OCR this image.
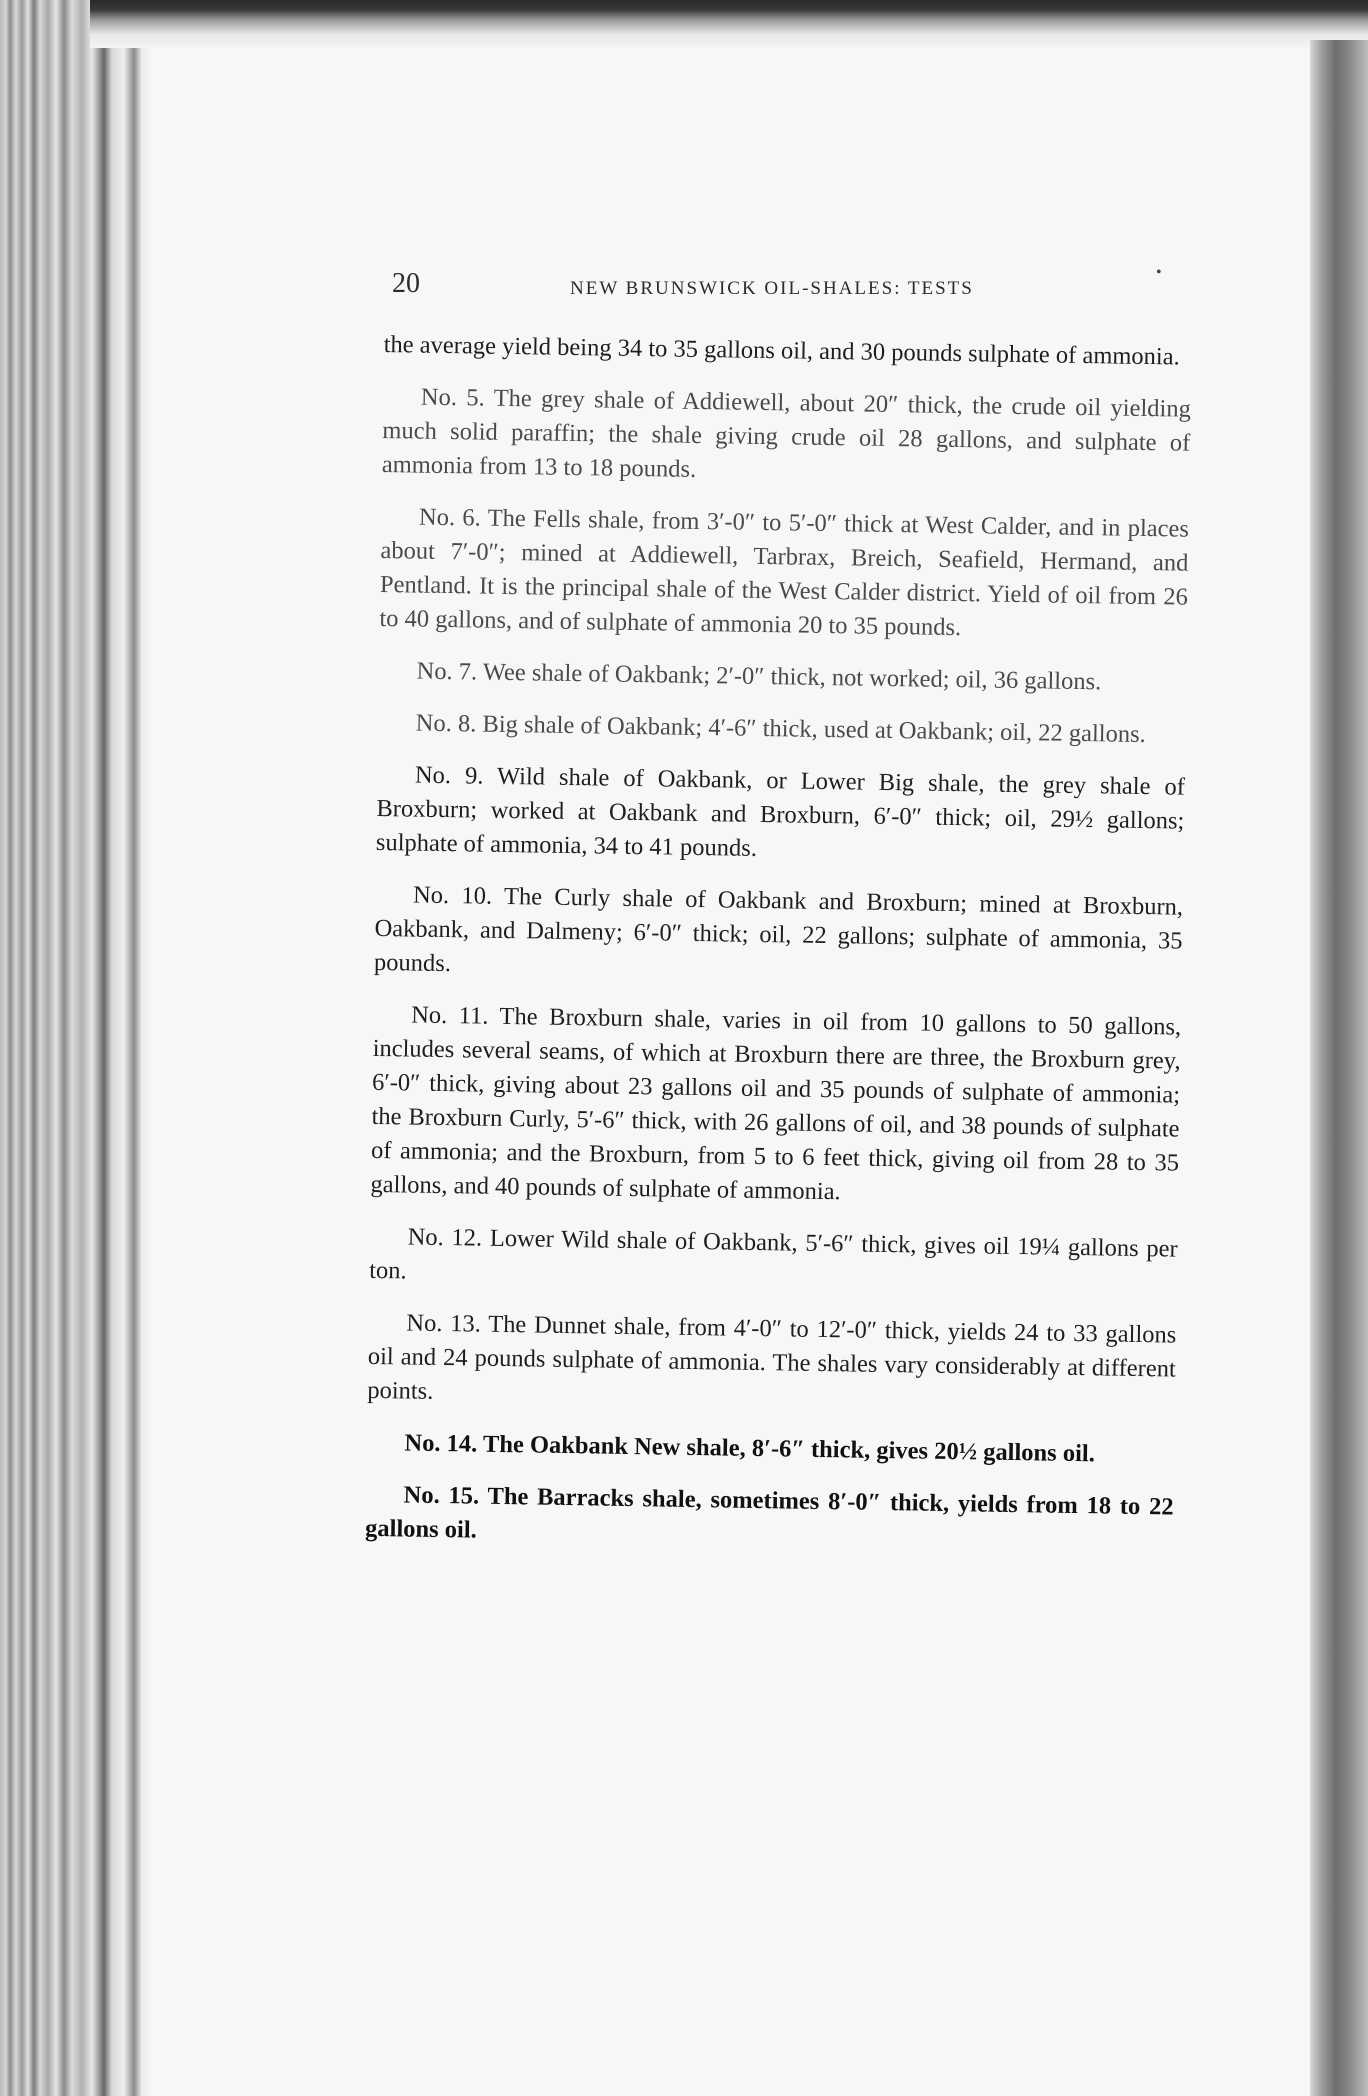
20	NEW BRUNSWICK OIL-SHALES: TESTS
•

the average yield being 34 to 35 gallons oil, and 30 pounds sulphate of ammonia.

No. 5. The grey shale of Addiewell, about 20″ thick, the crude oil yielding much solid paraffin; the shale giving crude oil 28 gallons, and sulphate of ammonia from 13 to 18 pounds.

No. 6. The Fells shale, from 3′-0″ to 5′-0″ thick at West Calder, and in places about 7′-0″; mined at Addiewell, Tarbrax, Breich, Seafield, Hermand, and Pentland. It is the principal shale of the West Calder district. Yield of oil from 26 to 40 gallons, and of sulphate of ammonia 20 to 35 pounds.

No. 7. Wee shale of Oakbank; 2′-0″ thick, not worked; oil, 36 gallons.

No. 8. Big shale of Oakbank; 4′-6″ thick, used at Oakbank; oil, 22 gallons.

No. 9. Wild shale of Oakbank, or Lower Big shale, the grey shale of Broxburn; worked at Oakbank and Broxburn, 6′-0″ thick; oil, 29½ gallons; sulphate of ammonia, 34 to 41 pounds.

No. 10. The Curly shale of Oakbank and Broxburn; mined at Broxburn, Oakbank, and Dalmeny; 6′-0″ thick; oil, 22 gallons; sulphate of ammonia, 35 pounds.

No. 11. The Broxburn shale, varies in oil from 10 gallons to 50 gallons, includes several seams, of which at Broxburn there are three, the Broxburn grey, 6′-0″ thick, giving about 23 gallons oil and 35 pounds of sulphate of ammonia; the Broxburn Curly, 5′-6″ thick, with 26 gallons of oil, and 38 pounds of sulphate of ammonia; and the Broxburn, from 5 to 6 feet thick, giving oil from 28 to 35 gallons, and 40 pounds of sulphate of ammonia.

No. 12. Lower Wild shale of Oakbank, 5′-6″ thick, gives oil 19¼ gallons per ton.

No. 13. The Dunnet shale, from 4′-0″ to 12′-0″ thick, yields 24 to 33 gallons oil and 24 pounds sulphate of ammonia. The shales vary considerably at different points.

No. 14. The Oakbank New shale, 8′-6″ thick, gives 20½ gallons oil.

No. 15. The Barracks shale, sometimes 8′-0″ thick, yields from 18 to 22 gallons oil.
